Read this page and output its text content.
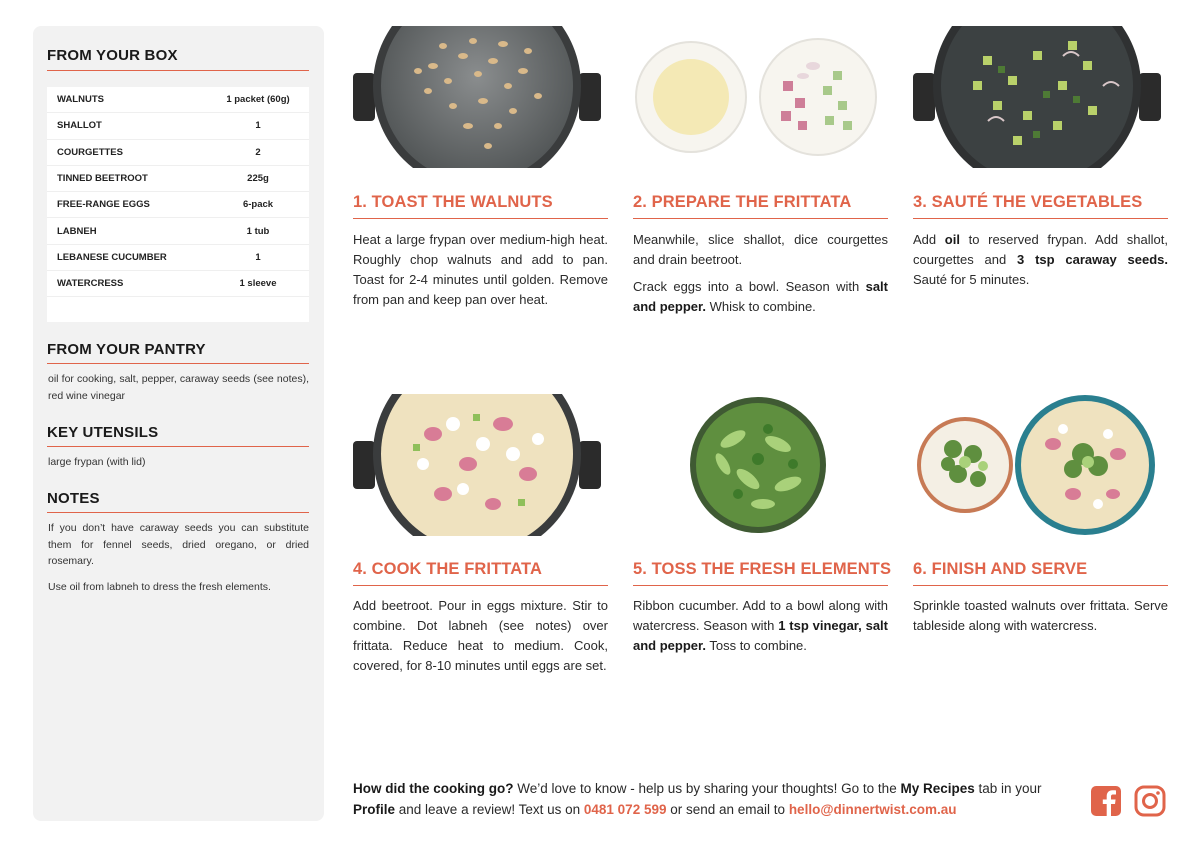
FROM YOUR BOX
WALNUTS	1 packet (60g)
SHALLOT	1
COURGETTES	2
TINNED BEETROOT	225g
FREE-RANGE EGGS	6-pack
LABNEH	1 tub
LEBANESE CUCUMBER	1
WATERCRESS	1 sleeve
FROM YOUR PANTRY
oil for cooking, salt, pepper, caraway seeds (see notes), red wine vinegar
KEY UTENSILS
large frypan (with lid)
NOTES
If you don’t have caraway seeds you can substitute them for fennel seeds, dried oregano, or dried rosemary.
Use oil from labneh to dress the fresh elements.
1. TOAST THE WALNUTS

Heat a large frypan over medium-high heat. Roughly chop walnuts and add to pan. Toast for 2-4 minutes until golden. Remove from pan and keep pan over heat.

2. PREPARE THE FRITTATA

Meanwhile, slice shallot, dice courgettes and drain beetroot.

Crack eggs into a bowl. Season with salt and pepper. Whisk to combine.

3. SAUTÉ THE VEGETABLES

Add oil to reserved frypan. Add shallot, courgettes and 3 tsp caraway seeds. Sauté for 5 minutes.

4. COOK THE FRITTATA

Add beetroot. Pour in eggs mixture. Stir to combine. Dot labneh (see notes) over frittata. Reduce heat to medium. Cook, covered, for 8-10 minutes until eggs are set.

5. TOSS THE FRESH ELEMENTS

Ribbon cucumber. Add to a bowl along with watercress. Season with 1 tsp vinegar, salt and pepper. Toss to combine.

6. FINISH AND SERVE

Sprinkle toasted walnuts over frittata. Serve tableside along with watercress.

How did the cooking go? We’d love to know - help us by sharing your thoughts! Go to the My Recipes tab in your Profile and leave a review! Text us on 0481 072 599 or send an email to hello@dinnertwist.com.au
